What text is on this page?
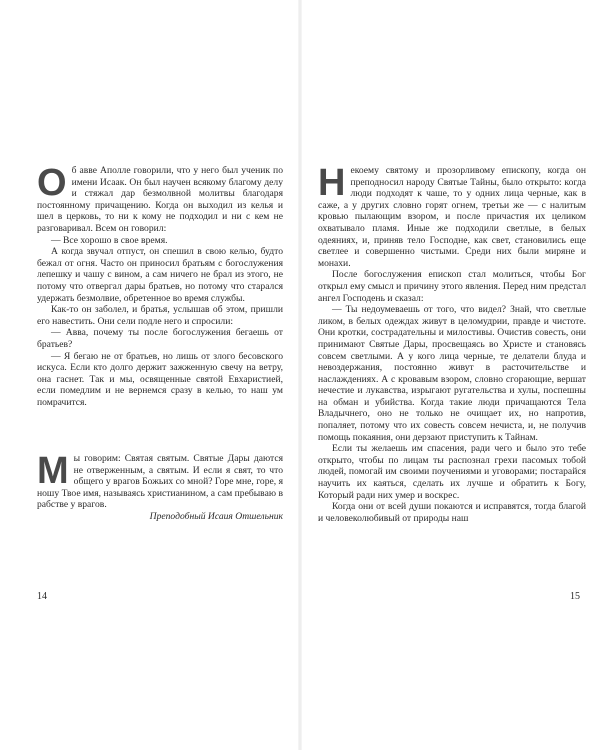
О б авве Аполле говорили, что у него был ученик по имени Исаак. Он был научен всякому благому делу и стяжал дар безмолвной молитвы благодаря постоянному причащению. Когда он выходил из келья и шел в церковь, то ни к кому не подходил и ни с кем не разговаривал. Всем он говорил:

— Все хорошо в свое время.

А когда звучал отпуст, он спешил в свою келью, будто бежал от огня. Часто он приносил братьям с богослужения лепешку и чашу с вином, а сам ничего не брал из этого, не потому что отвергал дары братьев, но потому что старался удержать безмолвие, обретенное во время службы.

Как-то он заболел, и братья, услышав об этом, пришли его навестить. Они сели подле него и спросили:

— Авва, почему ты после богослужения бегаешь от братьев?

— Я бегаю не от братьев, но лишь от злого бесовского искуса. Если кто долго держит зажженную свечу на ветру, она гаснет. Так и мы, освященные святой Евхаристией, если помедлим и не вернемся сразу в келью, то наш ум помрачится.

М ы говорим: Святая святым. Святые Дары даются не отверженным, а святым. И если я свят, то что общего у врагов Божьих со мной? Горе мне, горе, я ношу Твое имя, называясь христианином, а сам пребываю в рабстве у врагов.

Преподобный Исаия Отшельник

14
Н екоему святому и прозорливому епископу, когда он преподносил народу Святые Тайны, было открыто: когда люди подходят к чаше, то у одних лица черные, как в саже, а у других словно горят огнем, третьи же — с налитым кровью пылающим взором, и после причастия их целиком охватывало пламя. Иные же подходили светлые, в белых одеяниях, и, приняв тело Господне, как свет, становились еще светлее и совершенно чистыми. Среди них были миряне и монахи.

После богослужения епископ стал молиться, чтобы Бог открыл ему смысл и причину этого явления. Перед ним предстал ангел Господень и сказал:

— Ты недоумеваешь от того, что видел? Знай, что светлые ликом, в белых одеждах живут в целомудрии, правде и чистоте. Они кротки, сострадательны и милостивы. Очистив совесть, они принимают Святые Дары, просвещаясь во Христе и становясь совсем светлыми. А у кого лица черные, те делатели блуда и невоздержания, постоянно живут в расточительстве и наслаждениях. А с кровавым взором, словно сгорающие, вершат нечестие и лукавства, изрыгают ругательства и хулы, поспешны на обман и убийства. Когда такие люди причащаются Тела Владычнего, оно не только не очищает их, но напротив, попаляет, потому что их совесть совсем нечиста, и, не получив помощь покаяния, они дерзают приступить к Тайнам.

Если ты желаешь им спасения, ради чего и было это тебе открыто, чтобы по лицам ты распознал грехи пасомых тобой людей, помогай им своими поучениями и уговорами; постарайся научить их каяться, сделать их лучше и обратить к Богу, Который ради них умер и воскрес.

Когда они от всей души покаются и исправятся, тогда благой и человеколюбивый от природы наш

15
